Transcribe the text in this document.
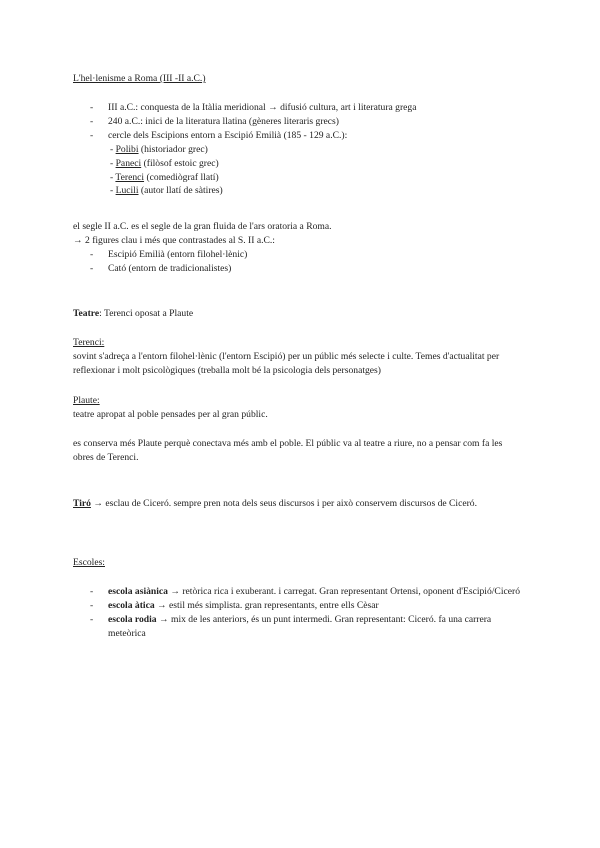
L'hel·lenisme a Roma (III -II a.C.)

- III a.C.: conquesta de la Itàlia meridional → difusió cultura, art i literatura grega
- 240 a.C.: inici de la literatura llatina (gèneres literaris grecs)
- cercle dels Escipions entorn a Escipió Emilià (185 - 129 a.C.):
- Polibi (historiador grec)
- Paneci (filòsof estoic grec)
- Terenci (comediògraf llatí)
- Lucili (autor llatí de sàtires)

el segle II a.C. es el segle de la gran fluida de l'ars oratoria a Roma.

→ 2 figures clau i més que contrastades al S. II a.C.:

- Escipió Emilià (entorn filohel·lènic)
- Cató (entorn de tradicionalistes)

Teatre: Terenci oposat a Plaute

Terenci:

sovint s'adreça a l'entorn filohel·lènic (l'entorn Escipió) per un públic més selecte i culte. Temes d'actualitat per reflexionar i molt psicològiques (treballa molt bé la psicologia dels personatges)

Plaute:

teatre apropat al poble pensades per al gran públic.

es conserva més Plaute perquè conectava més amb el poble. El públic va al teatre a riure, no a pensar com fa les obres de Terenci.

Tiró → esclau de Ciceró. sempre pren nota dels seus discursos i per això conservem discursos de Ciceró.

Escoles:

- escola asiànica → retòrica rica i exuberant. i carregat. Gran representant Ortensi, oponent d'Escipió/Ciceró
- escola àtica → estil més simplista. gran representants, entre ells Cèsar
- escola rodia → mix de les anteriors, és un punt intermedi. Gran representant: Ciceró. fa una carrera meteòrica
